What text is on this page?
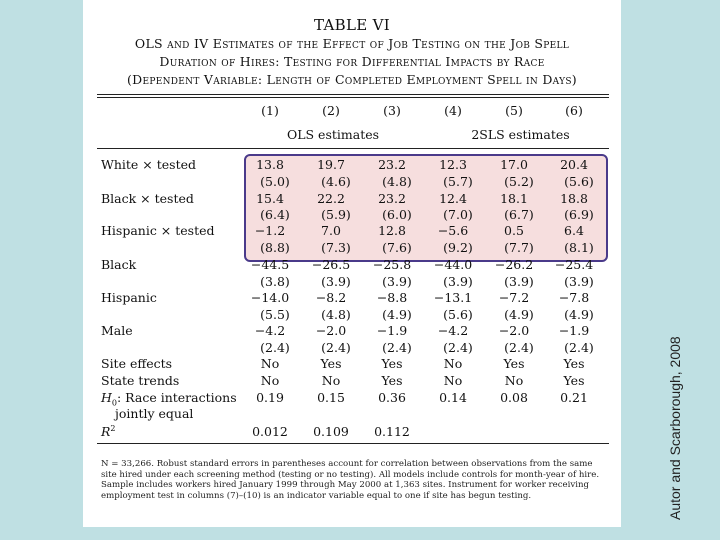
TABLE VI
OLS and IV Estimates of the Effect of Job Testing on the Job Spell
Duration of Hires: Testing for Differential Impacts by Race
(Dependent Variable: Length of Completed Employment Spell in Days)
(1)	(2)	(3)	(4)	(5)	(6)
OLS estimates	2SLS estimates
White × tested	13.8	19.7	23.2	12.3	17.0	20.4
(5.0)	(4.6)	(4.8)	(5.7)	(5.2)	(5.6)
Black × tested	15.4	22.2	23.2	12.4	18.1	18.8
(6.4)	(5.9)	(6.0)	(7.0)	(6.7)	(6.9)
Hispanic × tested	−1.2	7.0	12.8	−5.6	0.5	6.4
(8.8)	(7.3)	(7.6)	(9.2)	(7.7)	(8.1)
Black	−44.5	−26.5	−25.8	−44.0	−26.2	−25.4
(3.8)	(3.9)	(3.9)	(3.9)	(3.9)	(3.9)
Hispanic	−14.0	−8.2	−8.8	−13.1	−7.2	−7.8
(5.5)	(4.8)	(4.9)	(5.6)	(4.9)	(4.9)
Male	−4.2	−2.0	−1.9	−4.2	−2.0	−1.9
(2.4)	(2.4)	(2.4)	(2.4)	(2.4)	(2.4)
Site effects	No	Yes	Yes	No	Yes	Yes
State trends	No	No	Yes	No	No	Yes
$H_0$: Race interactions	0.19	0.15	0.36	0.14	0.08	0.21
jointly equal
$R^2$	0.012	0.109	0.112
N = 33,266. Robust standard errors in parentheses account for correlation between observations from the same site hired under each screening method (testing or no testing). All models include controls for month-year of hire. Sample includes workers hired January 1999 through May 2000 at 1,363 sites. Instrument for worker receiving employment test in columns (7)–(10) is an indicator variable equal to one if site has begun testing.	Autor and Scarborough, 2008
